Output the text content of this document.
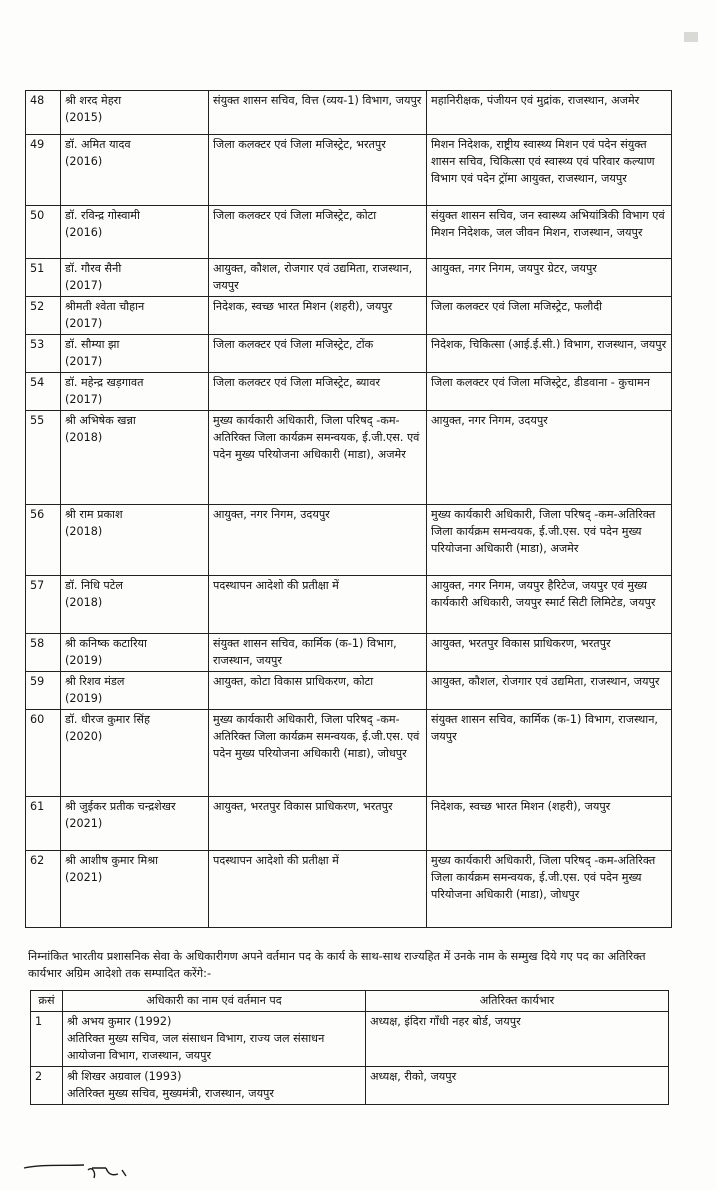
48	श्री शरद मेहरा
(2015)	संयुक्त शासन सचिव, वित्त (व्यय-1) विभाग, जयपुर	महानिरीक्षक, पंजीयन एवं मुद्रांक, राजस्थान, अजमेर
49	डॉ. अमित यादव
(2016)	जिला कलक्टर एवं जिला मजिस्ट्रेट, भरतपुर	मिशन निदेशक, राष्ट्रीय स्वास्थ्य मिशन एवं पदेन संयुक्त शासन सचिव, चिकित्सा एवं स्वास्थ्य एवं परिवार कल्याण विभाग एवं पदेन ट्रॉमा आयुक्त, राजस्थान, जयपुर
50	डॉ. रविन्द्र गोस्वामी
(2016)	जिला कलक्टर एवं जिला मजिस्ट्रेट, कोटा	संयुक्त शासन सचिव, जन स्वास्थ्य अभियांत्रिकी विभाग एवं मिशन निदेशक, जल जीवन मिशन, राजस्थान, जयपुर
51	डॉ. गौरव सैनी
(2017)	आयुक्त, कौशल, रोजगार एवं उद्यमिता, राजस्थान, जयपुर	आयुक्त, नगर निगम, जयपुर ग्रेटर, जयपुर
52	श्रीमती श्वेता चौहान
(2017)	निदेशक, स्वच्छ भारत मिशन (शहरी), जयपुर	जिला कलक्टर एवं जिला मजिस्ट्रेट, फलौदी
53	डॉ. सौम्या झा
(2017)	जिला कलक्टर एवं जिला मजिस्ट्रेट, टोंक	निदेशक, चिकित्सा (आई.ई.सी.) विभाग, राजस्थान, जयपुर
54	डॉ. महेन्द्र खड़गावत
(2017)	जिला कलक्टर एवं जिला मजिस्ट्रेट, ब्यावर	जिला कलक्टर एवं जिला मजिस्ट्रेट, डीडवाना - कुचामन
55	श्री अभिषेक खन्ना
(2018)	मुख्य कार्यकारी अधिकारी, जिला परिषद् -कम-अतिरिक्त जिला कार्यक्रम समन्वयक, ई.जी.एस. एवं पदेन मुख्य परियोजना अधिकारी (माडा), अजमेर	आयुक्त, नगर निगम, उदयपुर
56	श्री राम प्रकाश
(2018)	आयुक्त, नगर निगम, उदयपुर	मुख्य कार्यकारी अधिकारी, जिला परिषद् -कम-अतिरिक्त जिला कार्यक्रम समन्वयक, ई.जी.एस. एवं पदेन मुख्य परियोजना अधिकारी (माडा), अजमेर
57	डॉ. निधि पटेल
(2018)	पदस्थापन आदेशो की प्रतीक्षा में	आयुक्त, नगर निगम, जयपुर हैरिटेज, जयपुर एवं मुख्य कार्यकारी अधिकारी, जयपुर स्मार्ट सिटी लिमिटेड, जयपुर
58	श्री कनिष्क कटारिया
(2019)	संयुक्त शासन सचिव, कार्मिक (क-1) विभाग, राजस्थान, जयपुर	आयुक्त, भरतपुर विकास प्राधिकरण, भरतपुर
59	श्री रिशव मंडल
(2019)	आयुक्त, कोटा विकास प्राधिकरण, कोटा	आयुक्त, कौशल, रोजगार एवं उद्यमिता, राजस्थान, जयपुर
60	डॉ. धीरज कुमार सिंह
(2020)	मुख्य कार्यकारी अधिकारी, जिला परिषद् -कम-अतिरिक्त जिला कार्यक्रम समन्वयक, ई.जी.एस. एवं पदेन मुख्य परियोजना अधिकारी (माडा), जोधपुर	संयुक्त शासन सचिव, कार्मिक (क-1) विभाग, राजस्थान, जयपुर
61	श्री जुईकर प्रतीक चन्द्रशेखर
(2021)	आयुक्त, भरतपुर विकास प्राधिकरण, भरतपुर	निदेशक, स्वच्छ भारत मिशन (शहरी), जयपुर
62	श्री आशीष कुमार मिश्रा
(2021)	पदस्थापन आदेशो की प्रतीक्षा में	मुख्य कार्यकारी अधिकारी, जिला परिषद् -कम-अतिरिक्त जिला कार्यक्रम समन्वयक, ई.जी.एस. एवं पदेन मुख्य परियोजना अधिकारी (माडा), जोधपुर
निम्नांकित भारतीय प्रशासनिक सेवा के अधिकारीगण अपने वर्तमान पद के कार्य के साथ-साथ राज्यहित में उनके नाम के सम्मुख दिये गए पद का अतिरिक्त कार्यभार अग्रिम आदेशो तक सम्पादित करेंगे:-
क्रसं	अधिकारी का नाम एवं वर्तमान पद	अतिरिक्त कार्यभार
1	श्री अभय कुमार (1992)
अतिरिक्त मुख्य सचिव, जल संसाधन विभाग, राज्य जल संसाधन आयोजना विभाग, राजस्थान, जयपुर	अध्यक्ष, इंदिरा गाँधी नहर बोर्ड, जयपुर
2	श्री शिखर अग्रवाल (1993)
अतिरिक्त मुख्य सचिव, मुख्यमंत्री, राजस्थान, जयपुर	अध्यक्ष, रीको, जयपुर
